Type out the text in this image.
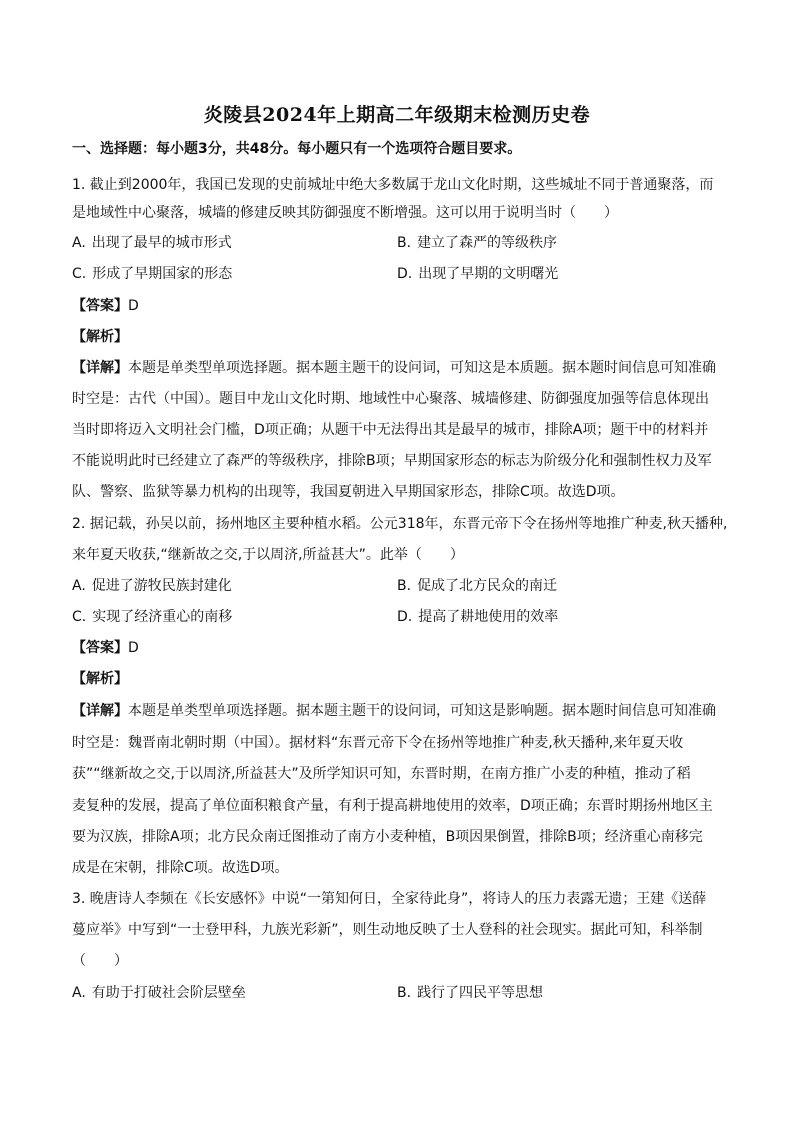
炎陵县2024年上期高二年级期末检测历史卷
一、选择题：每小题3分，共48分。每小题只有一个选项符合题目要求。
1. 截止到2000年，我国已发现的史前城址中绝大多数属于龙山文化时期，这些城址不同于普通聚落，而
是地域性中心聚落，城墙的修建反映其防御强度不断增强。这可以用于说明当时（　　）
A. 出现了最早的城市形式	B. 建立了森严的等级秩序
C. 形成了早期国家的形态	D. 出现了早期的文明曙光
【答案】D
【解析】
【详解】本题是单类型单项选择题。据本题主题干的设问词，可知这是本质题。据本题时间信息可知准确
时空是：古代（中国）。题目中龙山文化时期、地域性中心聚落、城墙修建、防御强度加强等信息体现出
当时即将迈入文明社会门槛，D项正确；从题干中无法得出其是最早的城市，排除A项；题干中的材料并
不能说明此时已经建立了森严的等级秩序，排除B项；早期国家形态的标志为阶级分化和强制性权力及军
队、警察、监狱等暴力机构的出现等，我国夏朝进入早期国家形态，排除C项。故选D项。
2. 据记载，孙吴以前，扬州地区主要种植水稻。公元318年，东晋元帝下令在扬州等地推广种麦,秋天播种,
来年夏天收获,“继新故之交,于以周济,所益甚大”。此举（　　）
A. 促进了游牧民族封建化	B. 促成了北方民众的南迁
C. 实现了经济重心的南移	D. 提高了耕地使用的效率
【答案】D
【解析】
【详解】本题是单类型单项选择题。据本题主题干的设问词，可知这是影响题。据本题时间信息可知准确
时空是：魏晋南北朝时期（中国）。据材料“东晋元帝下令在扬州等地推广种麦,秋天播种,来年夏天收
获”“继新故之交,于以周济,所益甚大”及所学知识可知，东晋时期，在南方推广小麦的种植，推动了稻
麦复种的发展，提高了单位面积粮食产量，有利于提高耕地使用的效率，D项正确；东晋时期扬州地区主
要为汉族，排除A项；北方民众南迁图推动了南方小麦种植，B项因果倒置，排除B项；经济重心南移完
成是在宋朝，排除C项。故选D项。
3. 晚唐诗人李频在《长安感怀》中说“一第知何日，全家待此身”，将诗人的压力表露无遗；王建《送薛
蔓应举》中写到“一士登甲科，九族光彩新”，则生动地反映了士人登科的社会现实。据此可知，科举制
（　　）
A. 有助于打破社会阶层壁垒	B. 践行了四民平等思想
